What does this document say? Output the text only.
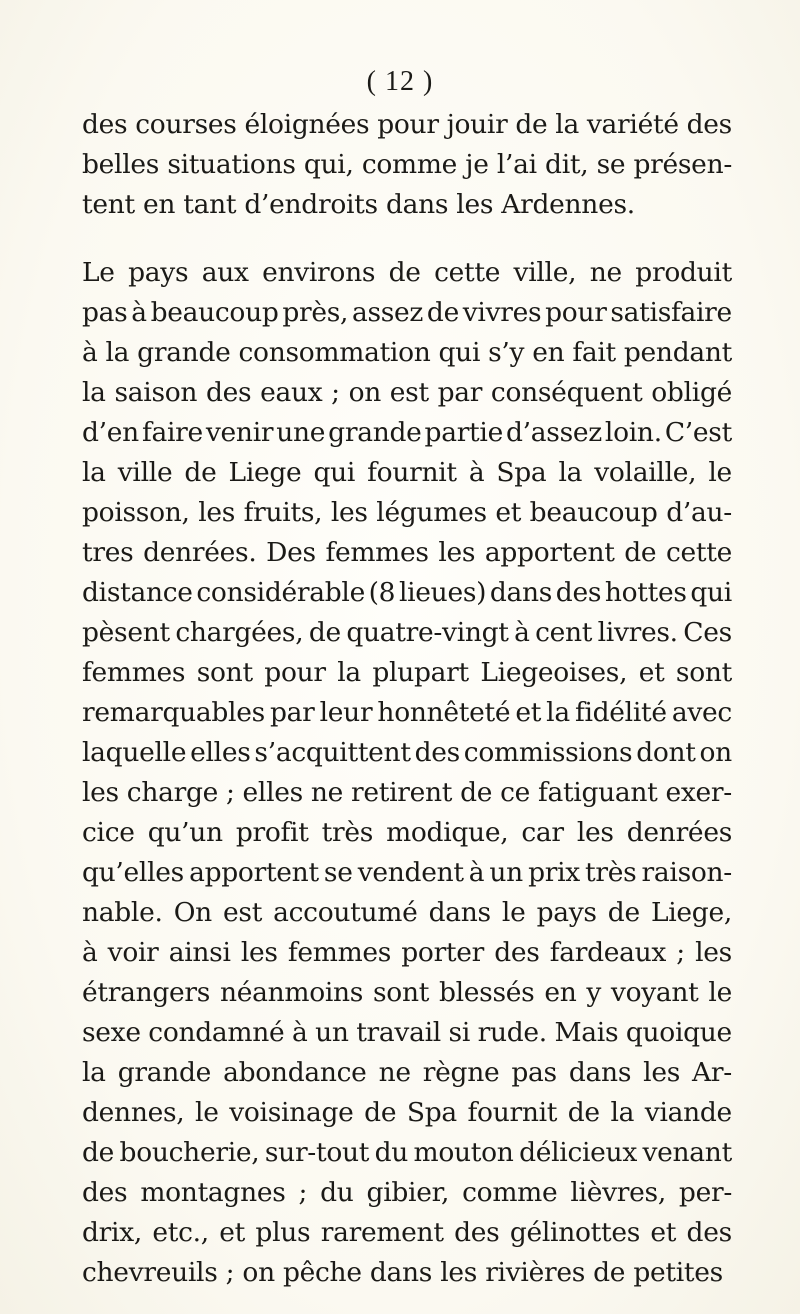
( 12 )
des courses éloignées pour jouir de la variété des
belles situations qui, comme je l’ai dit, se présen-
tent en tant d’endroits dans les Ardennes.
Le pays aux environs de cette ville, ne produit
pas à beaucoup près, assez de vivres pour satisfaire
à la grande consommation qui s’y en fait pendant
la saison des eaux ; on est par conséquent obligé
d’en faire venir une grande partie d’assez loin. C’est
la ville de Liege qui fournit à Spa la volaille, le
poisson, les fruits, les légumes et beaucoup d’au-
tres denrées. Des femmes les apportent de cette
distance considérable (8 lieues) dans des hottes qui
pèsent chargées, de quatre-vingt à cent livres. Ces
femmes sont pour la plupart Liegeoises, et sont
remarquables par leur honnêteté et la fidélité avec
laquelle elles s’acquittent des commissions dont on
les charge ; elles ne retirent de ce fatiguant exer-
cice qu’un profit très modique, car les denrées
qu’elles apportent se vendent à un prix très raison-
nable. On est accoutumé dans le pays de Liege,
à voir ainsi les femmes porter des fardeaux ; les
étrangers néanmoins sont blessés en y voyant le
sexe condamné à un travail si rude. Mais quoique
la grande abondance ne règne pas dans les Ar-
dennes, le voisinage de Spa fournit de la viande
de boucherie, sur-tout du mouton délicieux venant
des montagnes ; du gibier, comme lièvres, per-
drix, etc., et plus rarement des gélinottes et des
chevreuils ; on pêche dans les rivières de petites
